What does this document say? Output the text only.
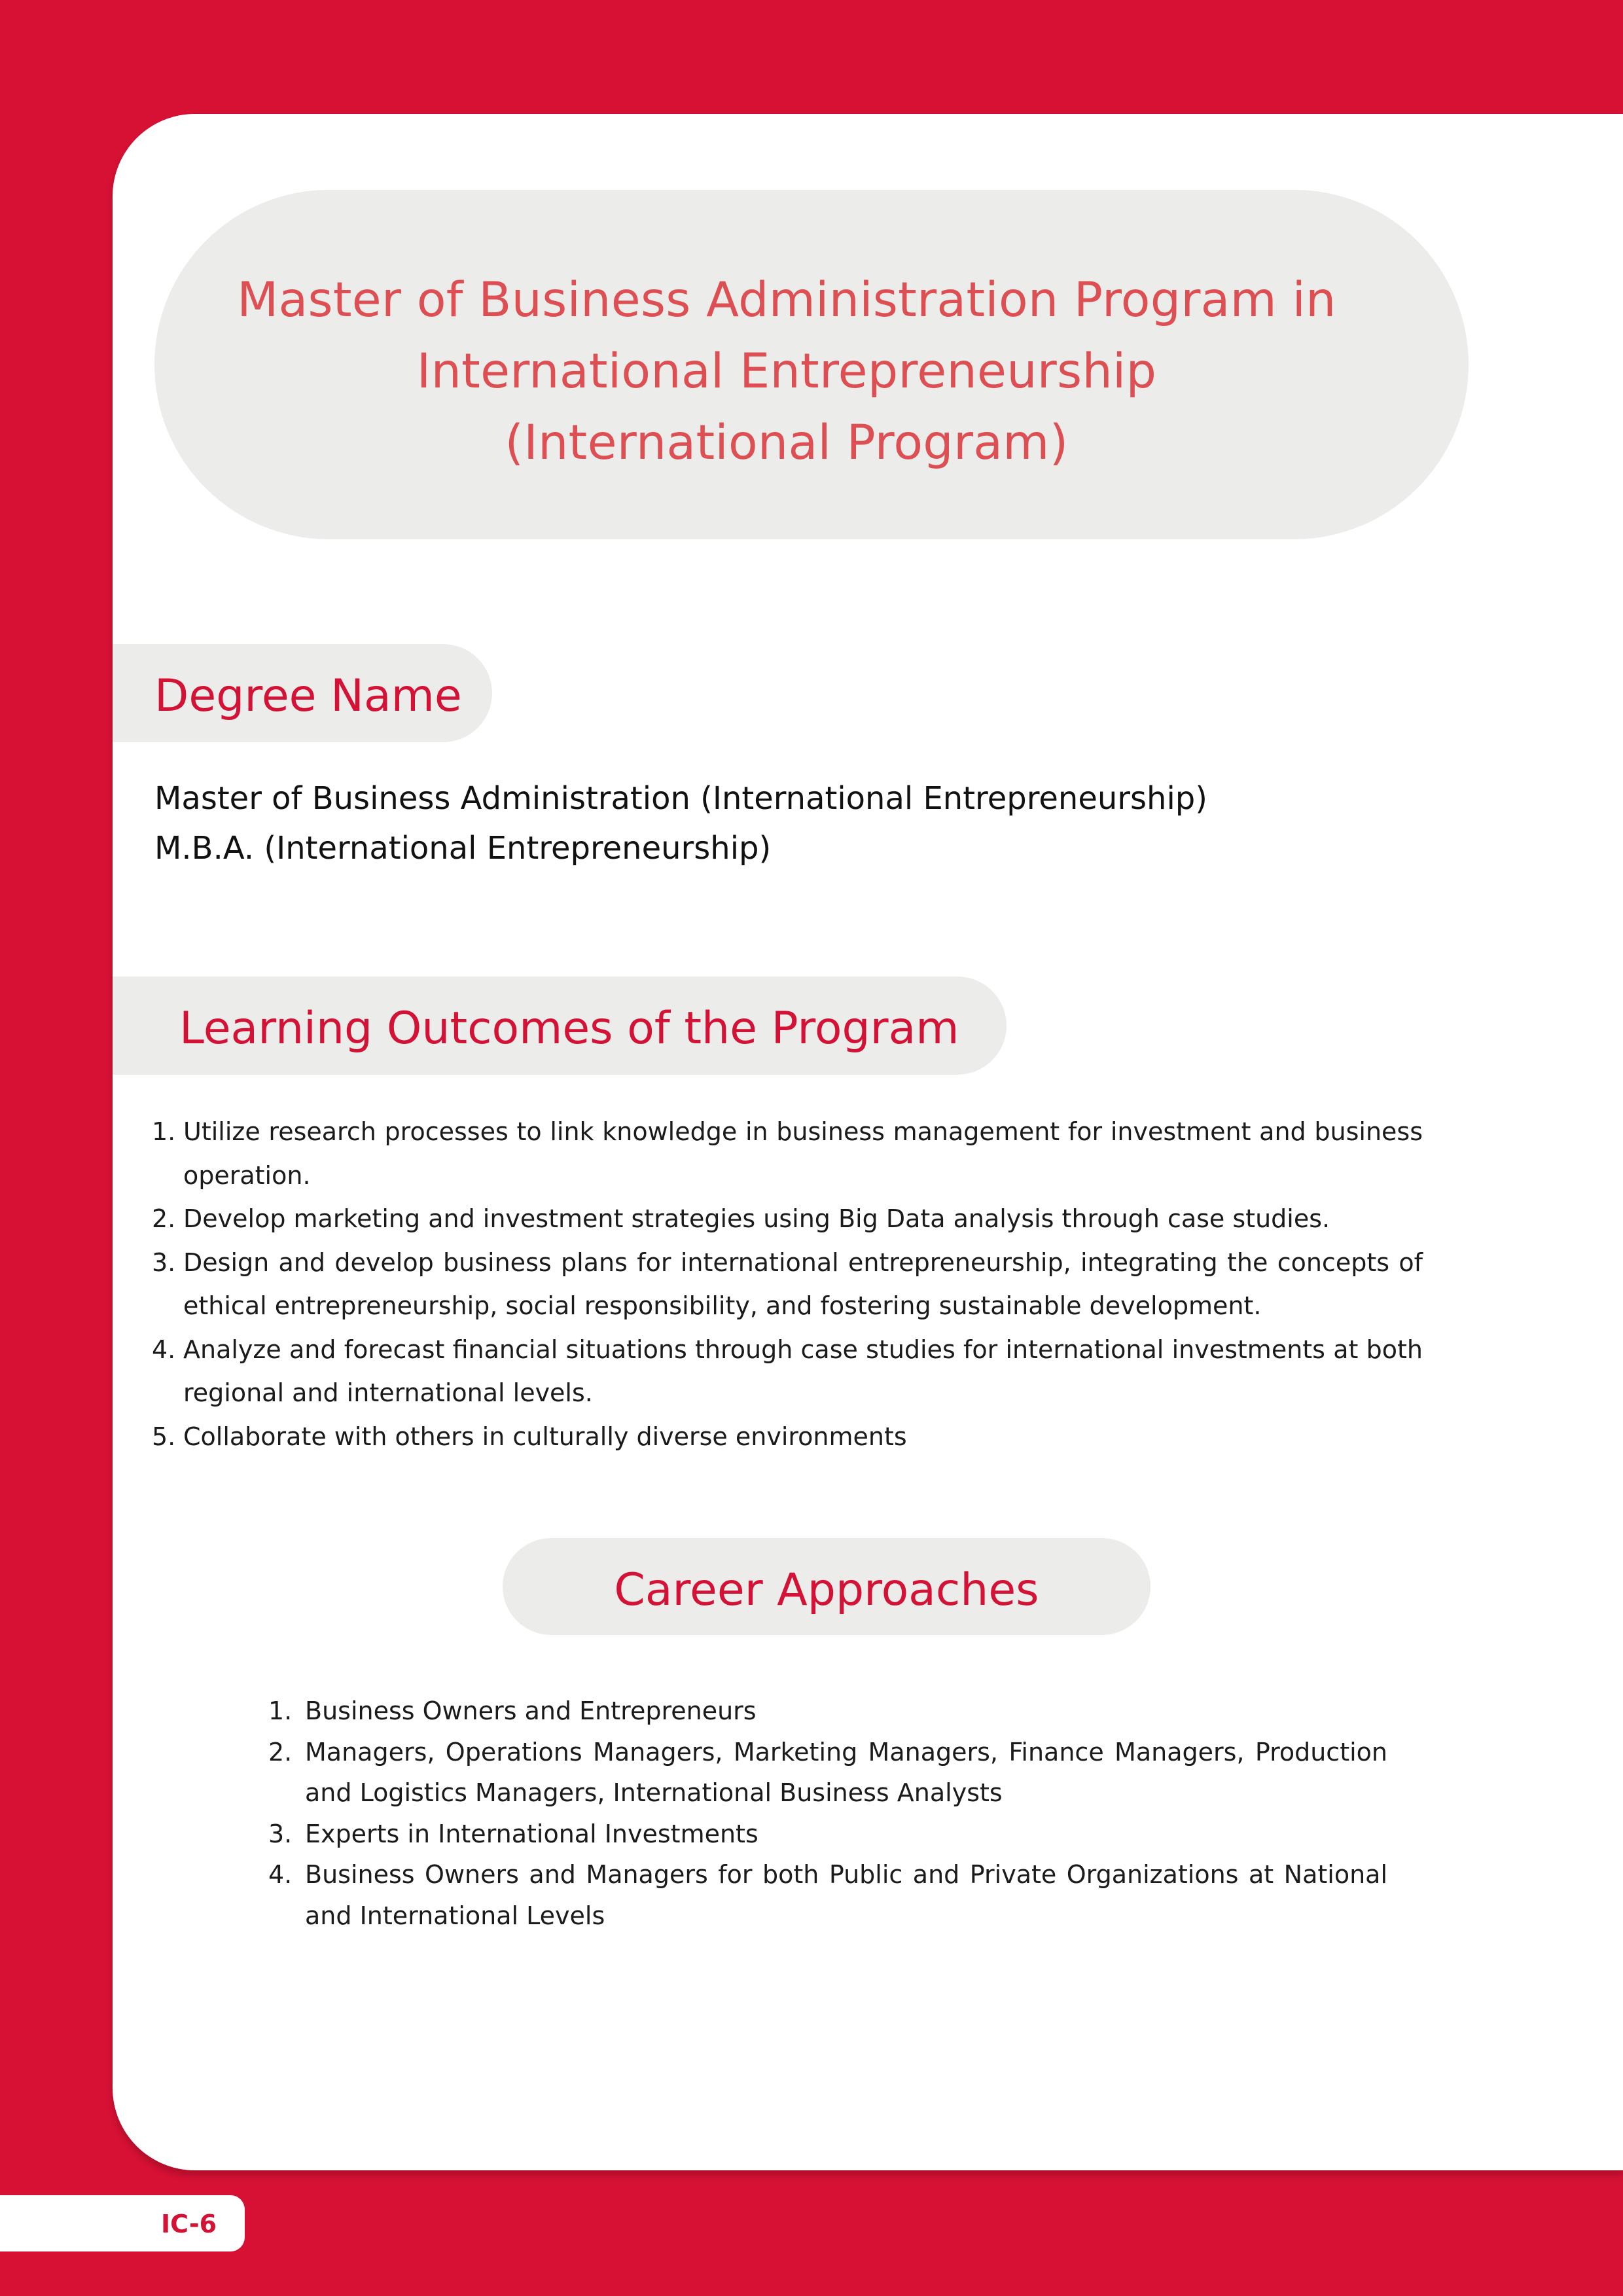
Master of Business Administration Program in
International Entrepreneurship
(International Program)
Degree Name
Master of Business Administration (International Entrepreneurship)
M.B.A. (International Entrepreneurship)
Learning Outcomes of the Program
1. Utilize research processes to link knowledge in business management for investment and business operation.
2. Develop marketing and investment strategies using Big Data analysis through case studies.
3. Design and develop business plans for international entrepreneurship, integrating the concepts of ethical entrepreneurship, social responsibility, and fostering sustainable development.
4. Analyze and forecast financial situations through case studies for international investments at both regional and international levels.
5. Collaborate with others in culturally diverse environments
Career Approaches
1. Business Owners and Entrepreneurs
2. Managers, Operations Managers, Marketing Managers, Finance Managers, Production and Logistics Managers, International Business Analysts
3. Experts in International Investments
4. Business Owners and Managers for both Public and Private Organizations at National and International Levels
IC-6
